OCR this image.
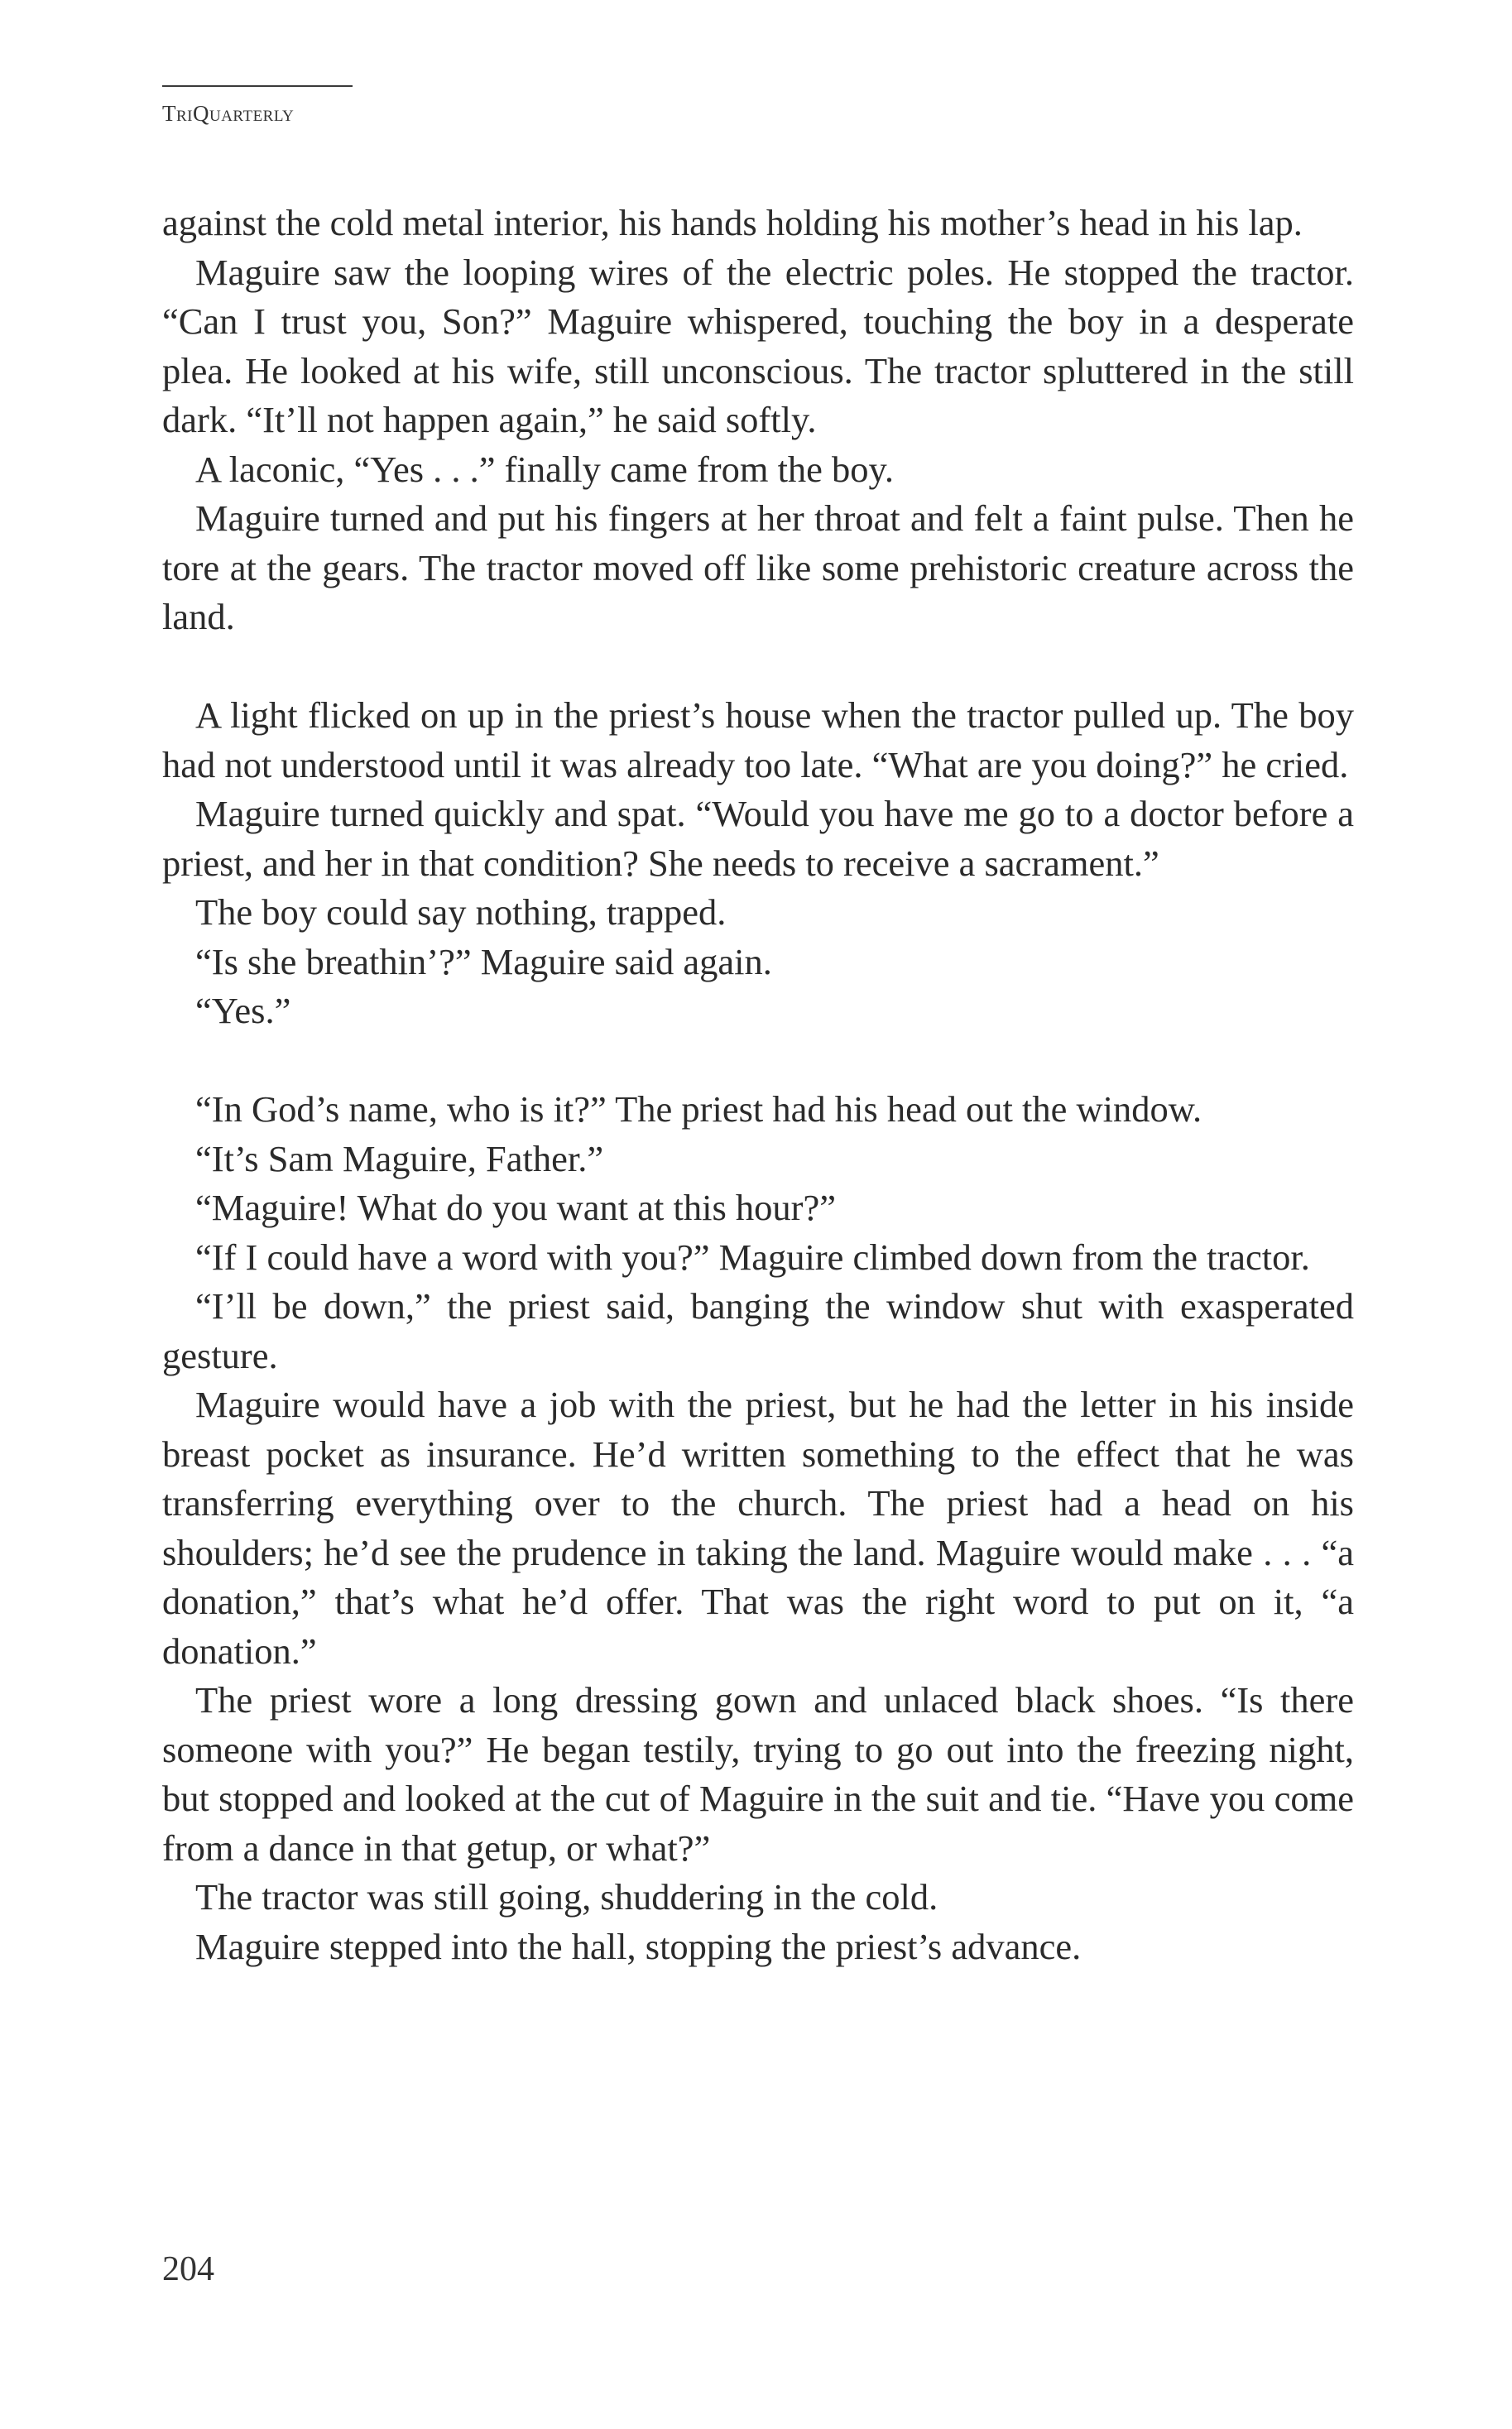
TriQuarterly

against the cold metal interior, his hands holding his mother’s head in his lap.

Maguire saw the looping wires of the electric poles. He stopped the tractor. “Can I trust you, Son?” Maguire whispered, touching the boy in a desperate plea. He looked at his wife, still unconscious. The tractor spluttered in the still dark. “It’ll not happen again,” he said softly.

A laconic, “Yes . . .” finally came from the boy.

Maguire turned and put his fingers at her throat and felt a faint pulse. Then he tore at the gears. The tractor moved off like some prehistoric creature across the land.

A light flicked on up in the priest’s house when the tractor pulled up. The boy had not understood until it was already too late. “What are you doing?” he cried.

Maguire turned quickly and spat. “Would you have me go to a doctor before a priest, and her in that condition? She needs to receive a sacrament.”

The boy could say nothing, trapped.

“Is she breathin’?” Maguire said again.

“Yes.”

“In God’s name, who is it?” The priest had his head out the window.

“It’s Sam Maguire, Father.”

“Maguire! What do you want at this hour?”

“If I could have a word with you?” Maguire climbed down from the tractor.

“I’ll be down,” the priest said, banging the window shut with exasperated gesture.

Maguire would have a job with the priest, but he had the letter in his inside breast pocket as insurance. He’d written something to the effect that he was transferring everything over to the church. The priest had a head on his shoulders; he’d see the prudence in taking the land. Maguire would make . . . “a donation,” that’s what he’d offer. That was the right word to put on it, “a donation.”

The priest wore a long dressing gown and unlaced black shoes. “Is there someone with you?” He began testily, trying to go out into the freezing night, but stopped and looked at the cut of Maguire in the suit and tie. “Have you come from a dance in that getup, or what?”

The tractor was still going, shuddering in the cold.

Maguire stepped into the hall, stopping the priest’s advance.

204
